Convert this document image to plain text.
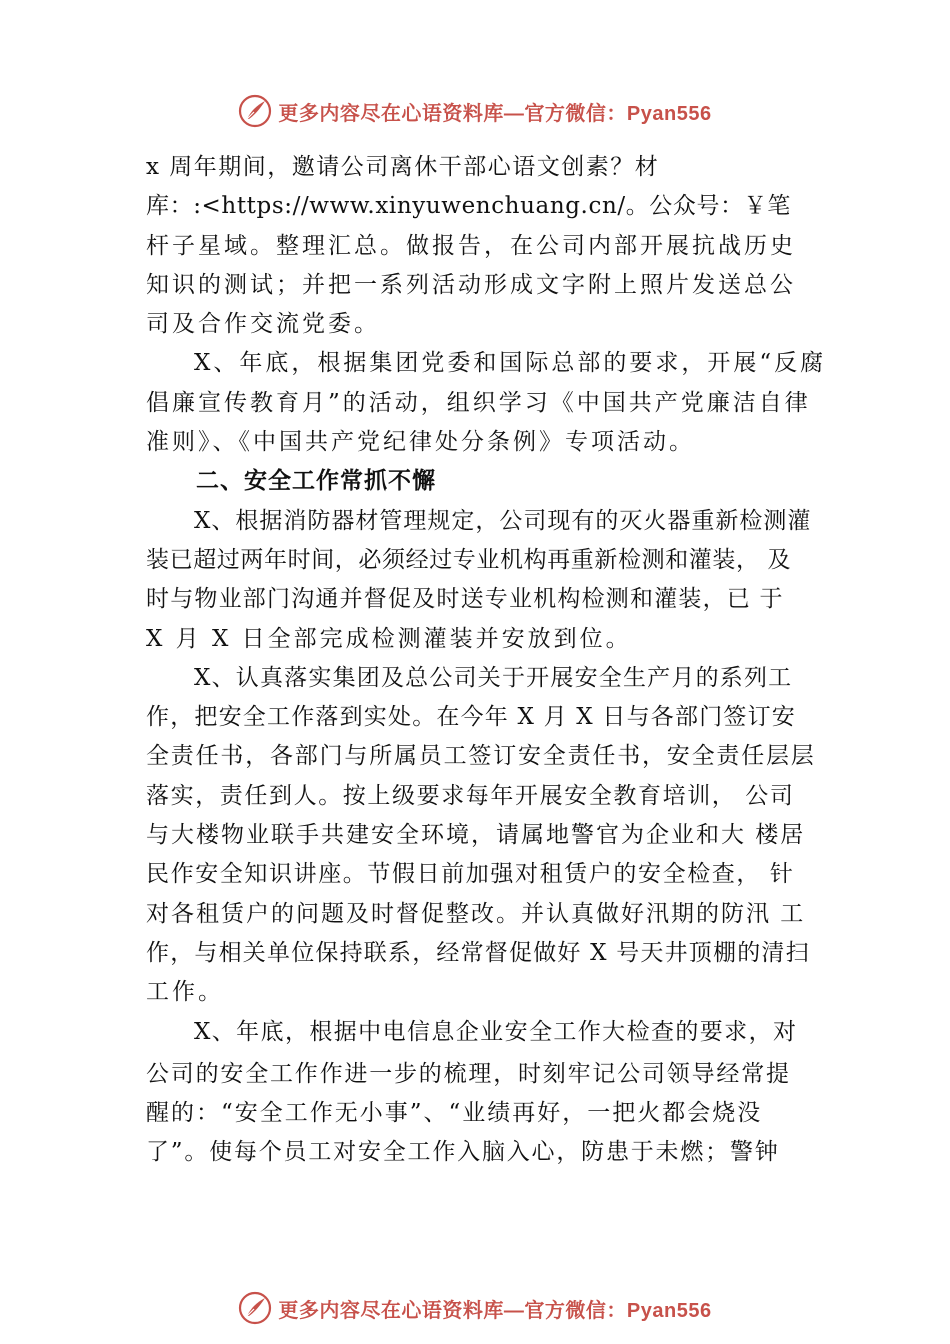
更多内容尽在心语资料库—官方微信：Pyan556
x 周年期间，邀请公司离休干部心语文创素？材
库：:<https://www.xinyuwenchuang.cn/。公众号：￥笔
杆子星域。整理汇总。做报告，在公司内部开展抗战历史
知识的测试；并把一系列活动形成文字附上照片发送总公
司及合作交流党委。
X、年底，根据集团党委和国际总部的要求，开展“反腐
倡廉宣传教育月”的活动，组织学习《中国共产党廉洁自律
准则》、《中国共产党纪律处分条例》专项活动。
二、安全工作常抓不懈
X、根据消防器材管理规定，公司现有的灭火器重新检测灌
装已超过两年时间，必须经过专业机构再重新检测和灌装， 及
时与物业部门沟通并督促及时送专业机构检测和灌装，已 于
X 月 X 日全部完成检测灌装并安放到位。
X、认真落实集团及总公司关于开展安全生产月的系列工
作，把安全工作落到实处。在今年 X 月 X 日与各部门签订安
全责任书，各部门与所属员工签订安全责任书，安全责任层层
落实，责任到人。按上级要求每年开展安全教育培训， 公司
与大楼物业联手共建安全环境，请属地警官为企业和大 楼居
民作安全知识讲座。节假日前加强对租赁户的安全检查， 针
对各租赁户的问题及时督促整改。并认真做好汛期的防汛 工
作，与相关单位保持联系，经常督促做好 X 号天井顶棚的清扫
工作。
X、年底，根据中电信息企业安全工作大检查的要求，对
公司的安全工作作进一步的梳理，时刻牢记公司领导经常提
醒的：“安全工作无小事”、“业绩再好，一把火都会烧没
了”。使每个员工对安全工作入脑入心，防患于未燃；警钟
更多内容尽在心语资料库—官方微信：Pyan556
